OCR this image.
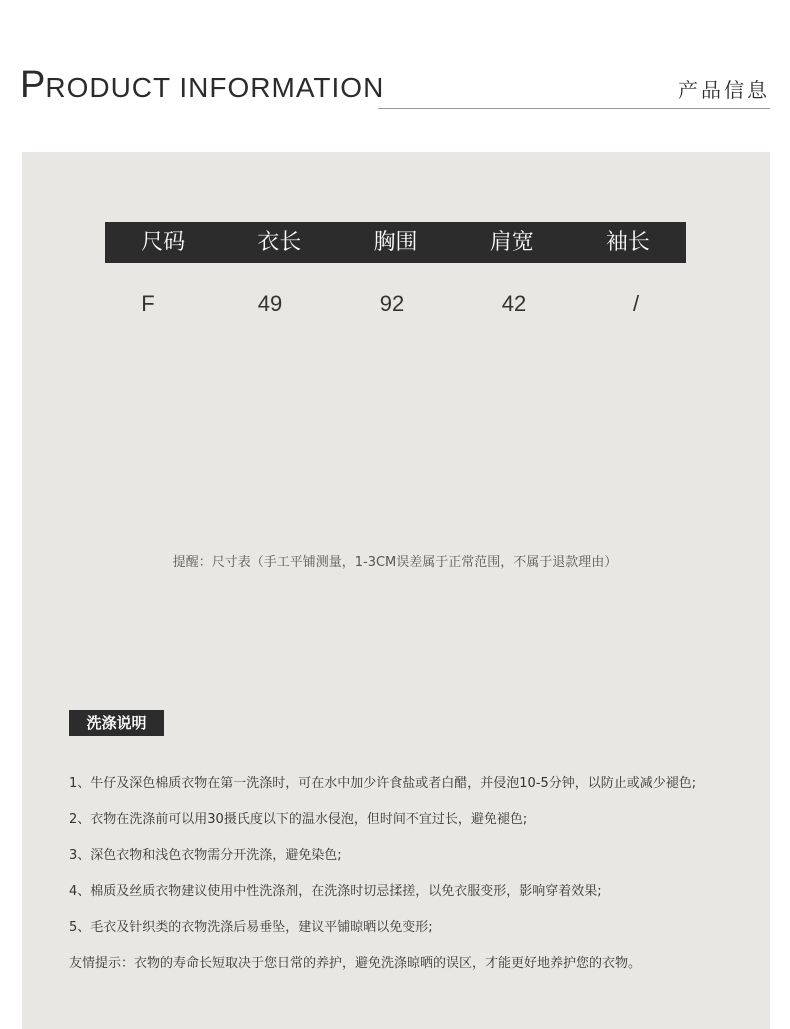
PRODUCT INFORMATION	产品信息
尺码	衣长	胸围	肩宽	袖长
F	49	92	42	/
提醒：尺寸表（手工平铺测量，1-3CM误差属于正常范围，不属于退款理由）
洗涤说明
1、牛仔及深色棉质衣物在第一洗涤时，可在水中加少许食盐或者白醋，并侵泡10-5分钟，以防止或减少褪色;
2、衣物在洗涤前可以用30摄氏度以下的温水侵泡，但时间不宜过长，避免褪色;
3、深色衣物和浅色衣物需分开洗涤，避免染色;
4、棉质及丝质衣物建议使用中性洗涤剂，在洗涤时切忌揉搓，以免衣服变形，影响穿着效果;
5、毛衣及针织类的衣物洗涤后易垂坠，建议平铺晾晒以免变形;
友情提示：衣物的寿命长短取决于您日常的养护，避免洗涤晾晒的误区，才能更好地养护您的衣物。
